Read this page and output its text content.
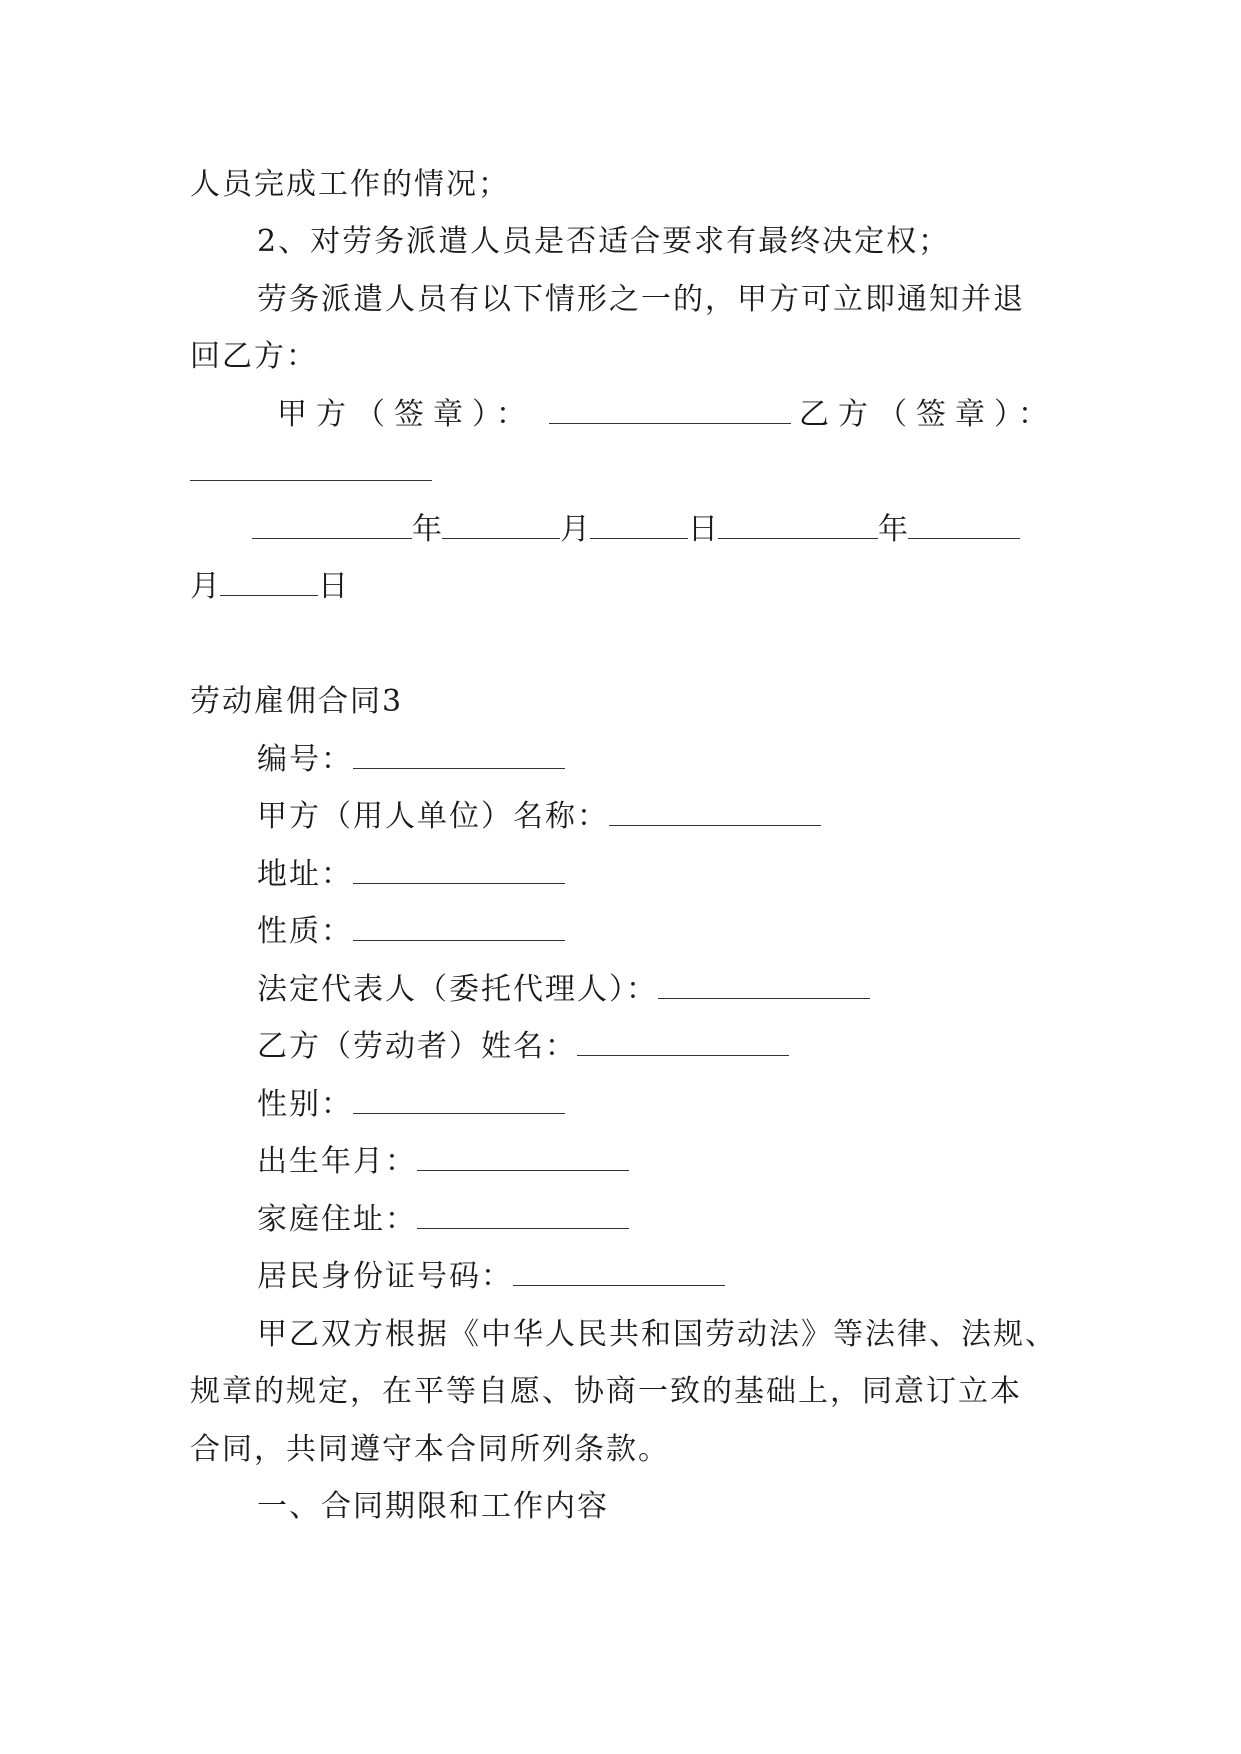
人员完成工作的情况；
2、对劳务派遣人员是否适合要求有最终决定权；
劳务派遣人员有以下情形之一的，甲方可立即通知并退
回乙方：
甲方（签章）：	乙方（签章）：
年	月	日	年
月	日
劳动雇佣合同3
编号：
甲方（用人单位）名称：
地址：
性质：
法定代表人（委托代理人）：
乙方（劳动者）姓名：
性别：
出生年月：
家庭住址：
居民身份证号码：
甲乙双方根据《中华人民共和国劳动法》等法律、法规、
规章的规定，在平等自愿、协商一致的基础上，同意订立本
合同，共同遵守本合同所列条款。
一、合同期限和工作内容
